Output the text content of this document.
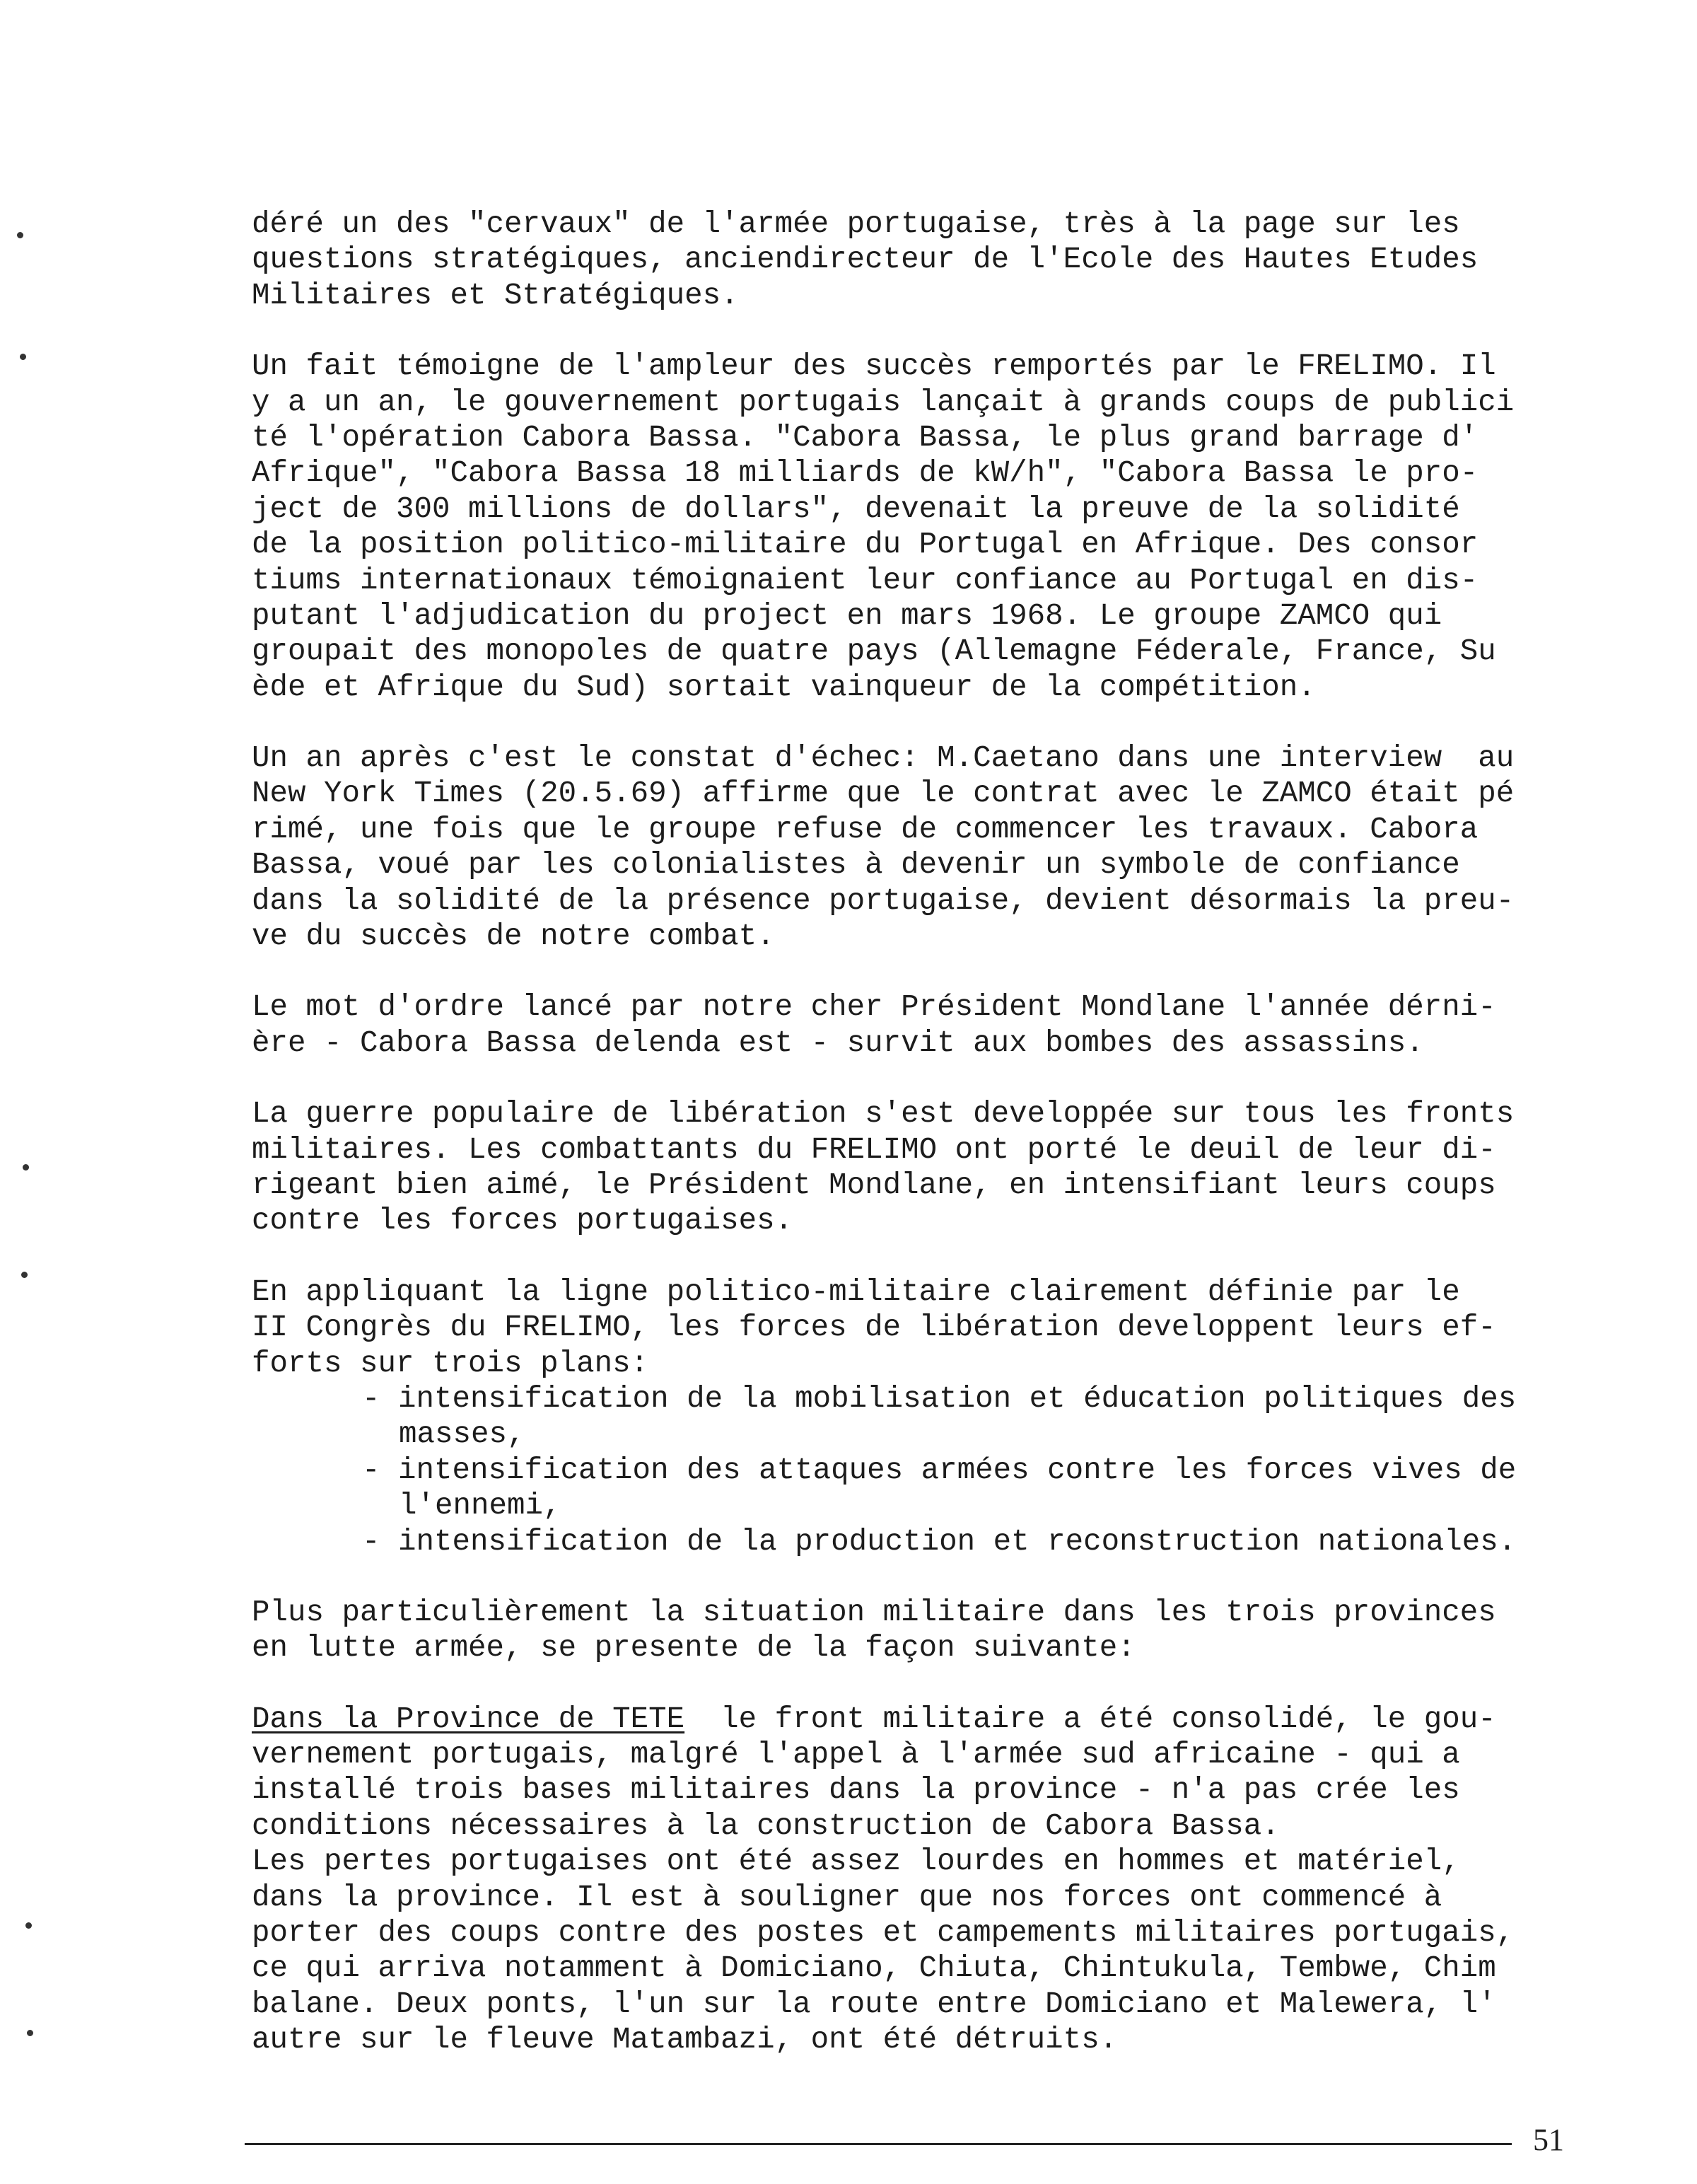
déré un des "cervaux" de l'armée portugaise, très à la page sur les
questions stratégiques, anciendirecteur de l'Ecole des Hautes Etudes
Militaires et Stratégiques.
Un fait témoigne de l'ampleur des succès remportés par le FRELIMO. Il
y a un an, le gouvernement portugais lançait à grands coups de publici
té l'opération Cabora Bassa. "Cabora Bassa, le plus grand barrage d'
Afrique", "Cabora Bassa 18 milliards de kW/h", "Cabora Bassa le pro-
ject de 300 millions de dollars", devenait la preuve de la solidité
de la position politico-militaire du Portugal en Afrique. Des consor
tiums internationaux témoignaient leur confiance au Portugal en dis-
putant l'adjudication du project en mars 1968. Le groupe ZAMCO qui
groupait des monopoles de quatre pays (Allemagne Féderale, France, Su
ède et Afrique du Sud) sortait vainqueur de la compétition.
Un an après c'est le constat d'échec: M.Caetano dans une interview  au
New York Times (20.5.69) affirme que le contrat avec le ZAMCO était pé
rimé, une fois que le groupe refuse de commencer les travaux. Cabora
Bassa, voué par les colonialistes à devenir un symbole de confiance
dans la solidité de la présence portugaise, devient désormais la preu-
ve du succès de notre combat.
Le mot d'ordre lancé par notre cher Président Mondlane l'année dérni-
ère - Cabora Bassa delenda est - survit aux bombes des assassins.
La guerre populaire de libération s'est developpée sur tous les fronts
militaires. Les combattants du FRELIMO ont porté le deuil de leur di-
rigeant bien aimé, le Président Mondlane, en intensifiant leurs coups
contre les forces portugaises.
En appliquant la ligne politico-militaire clairement définie par le
II Congrès du FRELIMO, les forces de libération developpent leurs ef-
forts sur trois plans:
- intensification de la mobilisation et éducation politiques des
masses,
- intensification des attaques armées contre les forces vives de
l'ennemi,
- intensification de la production et reconstruction nationales.
Plus particulièrement la situation militaire dans les trois provinces
en lutte armée, se presente de la façon suivante:
Dans la Province de TETE  le front militaire a été consolidé, le gou-
vernement portugais, malgré l'appel à l'armée sud africaine - qui a
installé trois bases militaires dans la province - n'a pas crée les
conditions nécessaires à la construction de Cabora Bassa.
Les pertes portugaises ont été assez lourdes en hommes et matériel,
dans la province. Il est à souligner que nos forces ont commencé à
porter des coups contre des postes et campements militaires portugais,
ce qui arriva notamment à Domiciano, Chiuta, Chintukula, Tembwe, Chim
balane. Deux ponts, l'un sur la route entre Domiciano et Malewera, l'
autre sur le fleuve Matambazi, ont été détruits.
51
